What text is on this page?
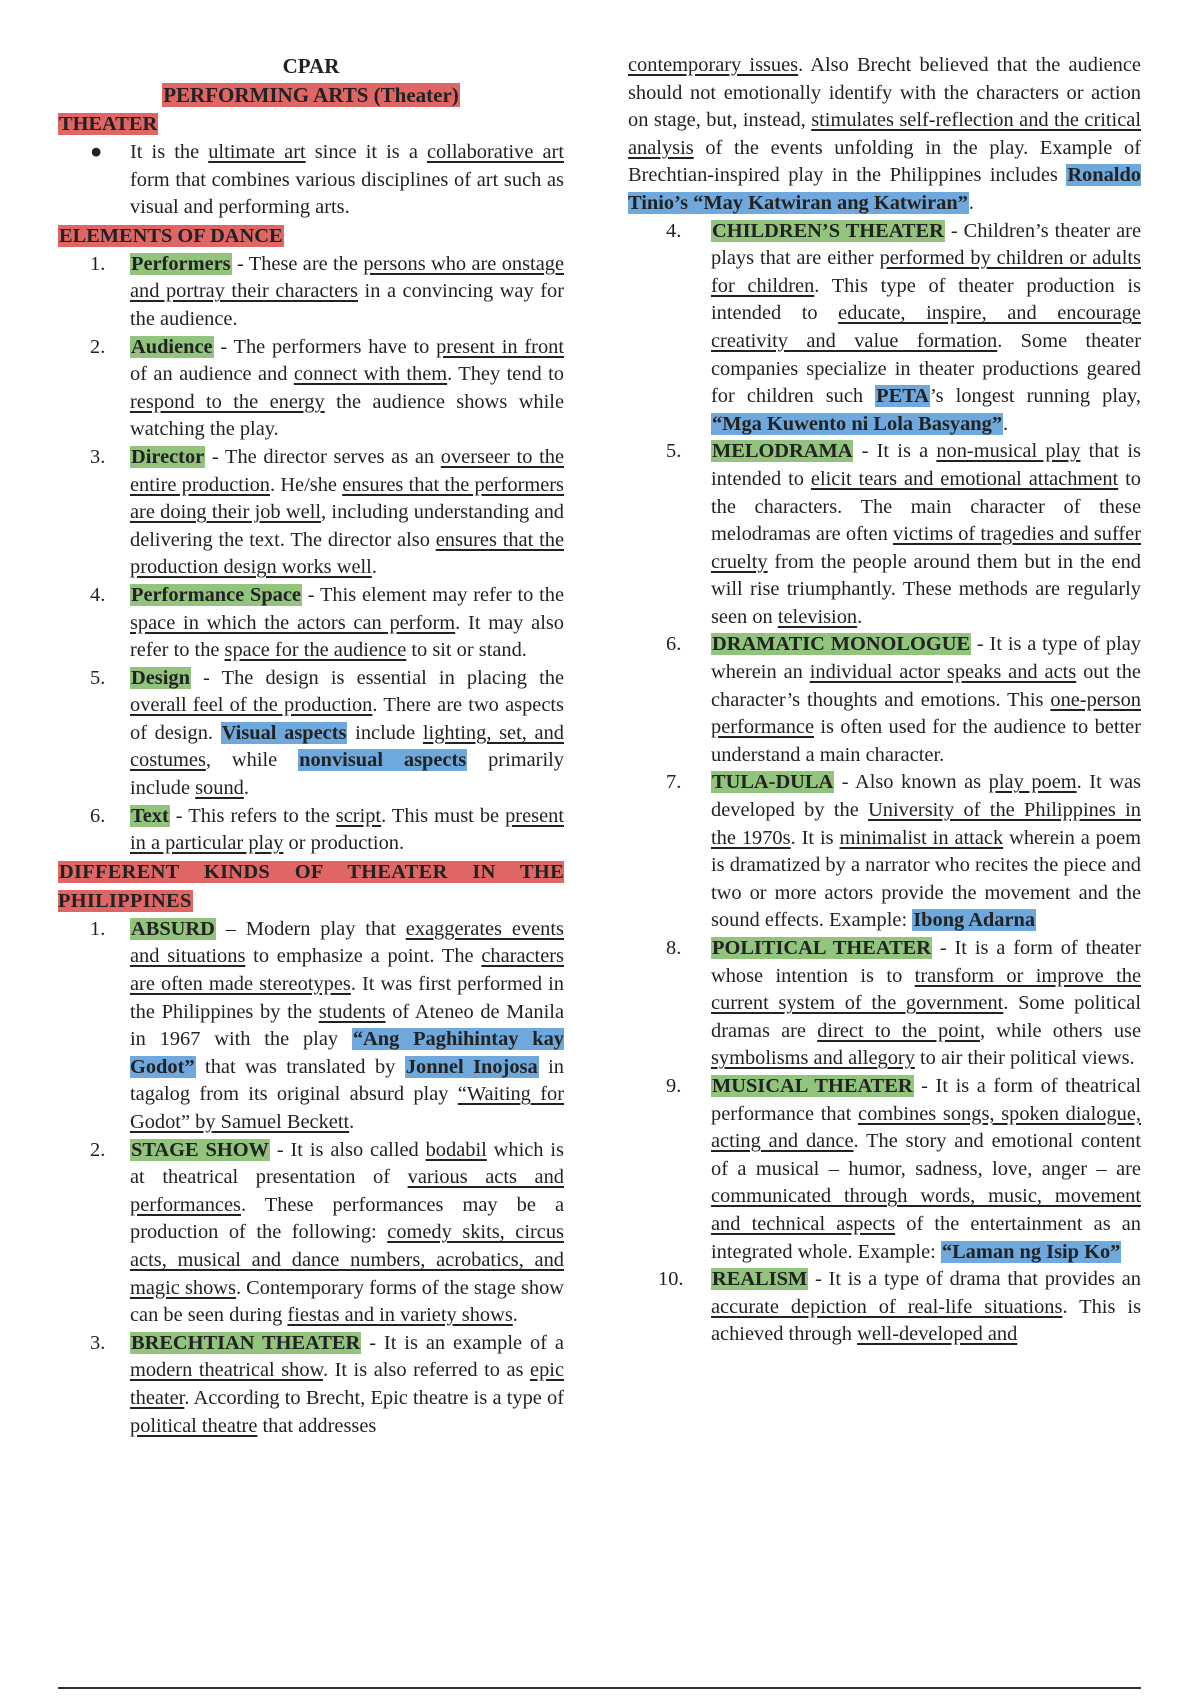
CPAR
PERFORMING ARTS (Theater)
THEATER
● It is the ultimate art since it is a collaborative art form that combines various disciplines of art such as visual and performing arts.
ELEMENTS OF DANCE
1. Performers - These are the persons who are onstage and portray their characters in a convincing way for the audience.
2. Audience - The performers have to present in front of an audience and connect with them. They tend to respond to the energy the audience shows while watching the play.
3. Director - The director serves as an overseer to the entire production. He/she ensures that the performers are doing their job well, including understanding and delivering the text. The director also ensures that the production design works well.
4. Performance Space - This element may refer to the space in which the actors can perform. It may also refer to the space for the audience to sit or stand.
5. Design - The design is essential in placing the overall feel of the production. There are two aspects of design. Visual aspects include lighting, set, and costumes, while nonvisual aspects primarily include sound.
6. Text - This refers to the script. This must be present in a particular play or production.
DIFFERENT KINDS OF THEATER IN THE PHILIPPINES
1. ABSURD – Modern play that exaggerates events and situations to emphasize a point. The characters are often made stereotypes. It was first performed in the Philippines by the students of Ateneo de Manila in 1967 with the play “Ang Paghihintay kay Godot” that was translated by Jonnel Inojosa in tagalog from its original absurd play “Waiting for Godot” by Samuel Beckett.
2. STAGE SHOW - It is also called bodabil which is at theatrical presentation of various acts and performances. These performances may be a production of the following: comedy skits, circus acts, musical and dance numbers, acrobatics, and magic shows. Contemporary forms of the stage show can be seen during fiestas and in variety shows.
3. BRECHTIAN THEATER - It is an example of a modern theatrical show. It is also referred to as epic theater. According to Brecht, Epic theatre is a type of political theatre that addresses
contemporary issues. Also Brecht believed that the audience should not emotionally identify with the characters or action on stage, but, instead, stimulates self-reflection and the critical analysis of the events unfolding in the play. Example of Brechtian-inspired play in the Philippines includes Ronaldo Tinio’s “May Katwiran ang Katwiran”.
4. CHILDREN’S THEATER - Children’s theater are plays that are either performed by children or adults for children. This type of theater production is intended to educate, inspire, and encourage creativity and value formation. Some theater companies specialize in theater productions geared for children such PETA’s longest running play, “Mga Kuwento ni Lola Basyang”.
5. MELODRAMA - It is a non-musical play that is intended to elicit tears and emotional attachment to the characters. The main character of these melodramas are often victims of tragedies and suffer cruelty from the people around them but in the end will rise triumphantly. These methods are regularly seen on television.
6. DRAMATIC MONOLOGUE - It is a type of play wherein an individual actor speaks and acts out the character’s thoughts and emotions. This one-person performance is often used for the audience to better understand a main character.
7. TULA-DULA - Also known as play poem. It was developed by the University of the Philippines in the 1970s. It is minimalist in attack wherein a poem is dramatized by a narrator who recites the piece and two or more actors provide the movement and the sound effects. Example: Ibong Adarna
8. POLITICAL THEATER - It is a form of theater whose intention is to transform or improve the current system of the government. Some political dramas are direct to the point, while others use symbolisms and allegory to air their political views.
9. MUSICAL THEATER - It is a form of theatrical performance that combines songs, spoken dialogue, acting and dance. The story and emotional content of a musical – humor, sadness, love, anger – are communicated through words, music, movement and technical aspects of the entertainment as an integrated whole. Example: “Laman ng Isip Ko”
10. REALISM - It is a type of drama that provides an accurate depiction of real-life situations. This is achieved through well-developed and
